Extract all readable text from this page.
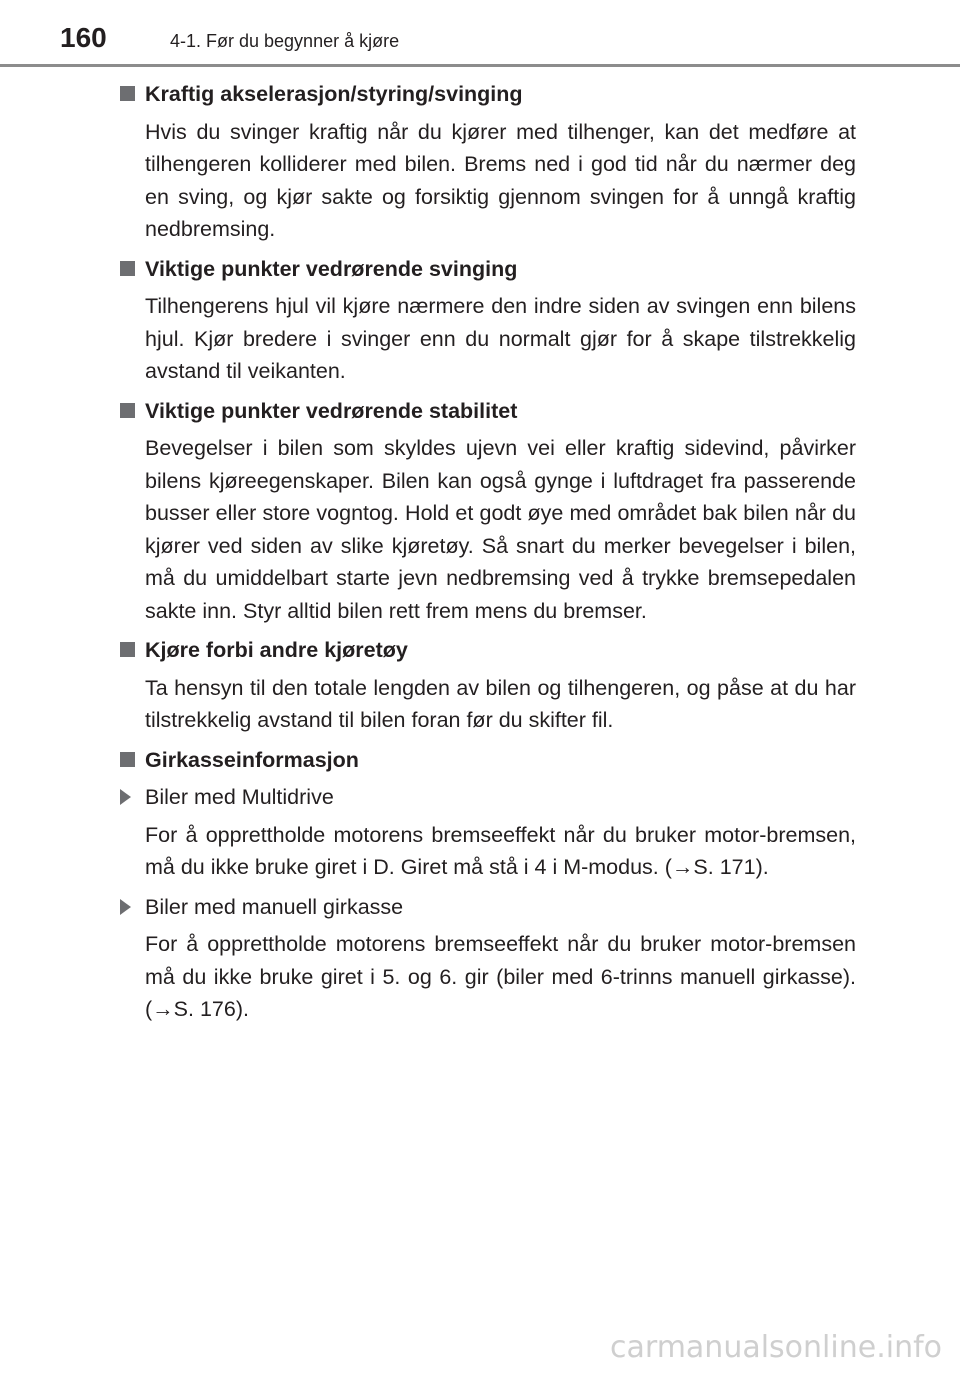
160	4-1. Før du begynner å kjøre
Kraftig akselerasjon/styring/svinging

Hvis du svinger kraftig når du kjører med tilhenger, kan det medføre at tilhengeren kolliderer med bilen. Brems ned i god tid når du nærmer deg en sving, og kjør sakte og forsiktig gjennom svingen for å unngå kraftig nedbremsing.

Viktige punkter vedrørende svinging

Tilhengerens hjul vil kjøre nærmere den indre siden av svingen enn bilens hjul. Kjør bredere i svinger enn du normalt gjør for å skape tilstrekkelig avstand til veikanten.

Viktige punkter vedrørende stabilitet

Bevegelser i bilen som skyldes ujevn vei eller kraftig sidevind, påvirker bilens kjøreegenskaper. Bilen kan også gynge i luftdraget fra passerende busser eller store vogntog. Hold et godt øye med området bak bilen når du kjører ved siden av slike kjøretøy. Så snart du merker bevegelser i bilen, må du umiddelbart starte jevn nedbremsing ved å trykke bremsepedalen sakte inn. Styr alltid bilen rett frem mens du bremser.

Kjøre forbi andre kjøretøy

Ta hensyn til den totale lengden av bilen og tilhengeren, og påse at du har tilstrekkelig avstand til bilen foran før du skifter fil.

Girkasseinformasjon
Biler med Multidrive

For å opprettholde motorens bremseeffekt når du bruker motor-bremsen, må du ikke bruke giret i D. Giret må stå i 4 i M-modus. (→S. 171).

Biler med manuell girkasse

For å opprettholde motorens bremseeffekt når du bruker motor-bremsen må du ikke bruke giret i 5. og 6. gir (biler med 6-trinns manuell girkasse). (→S. 176).

carmanualsonline.info
